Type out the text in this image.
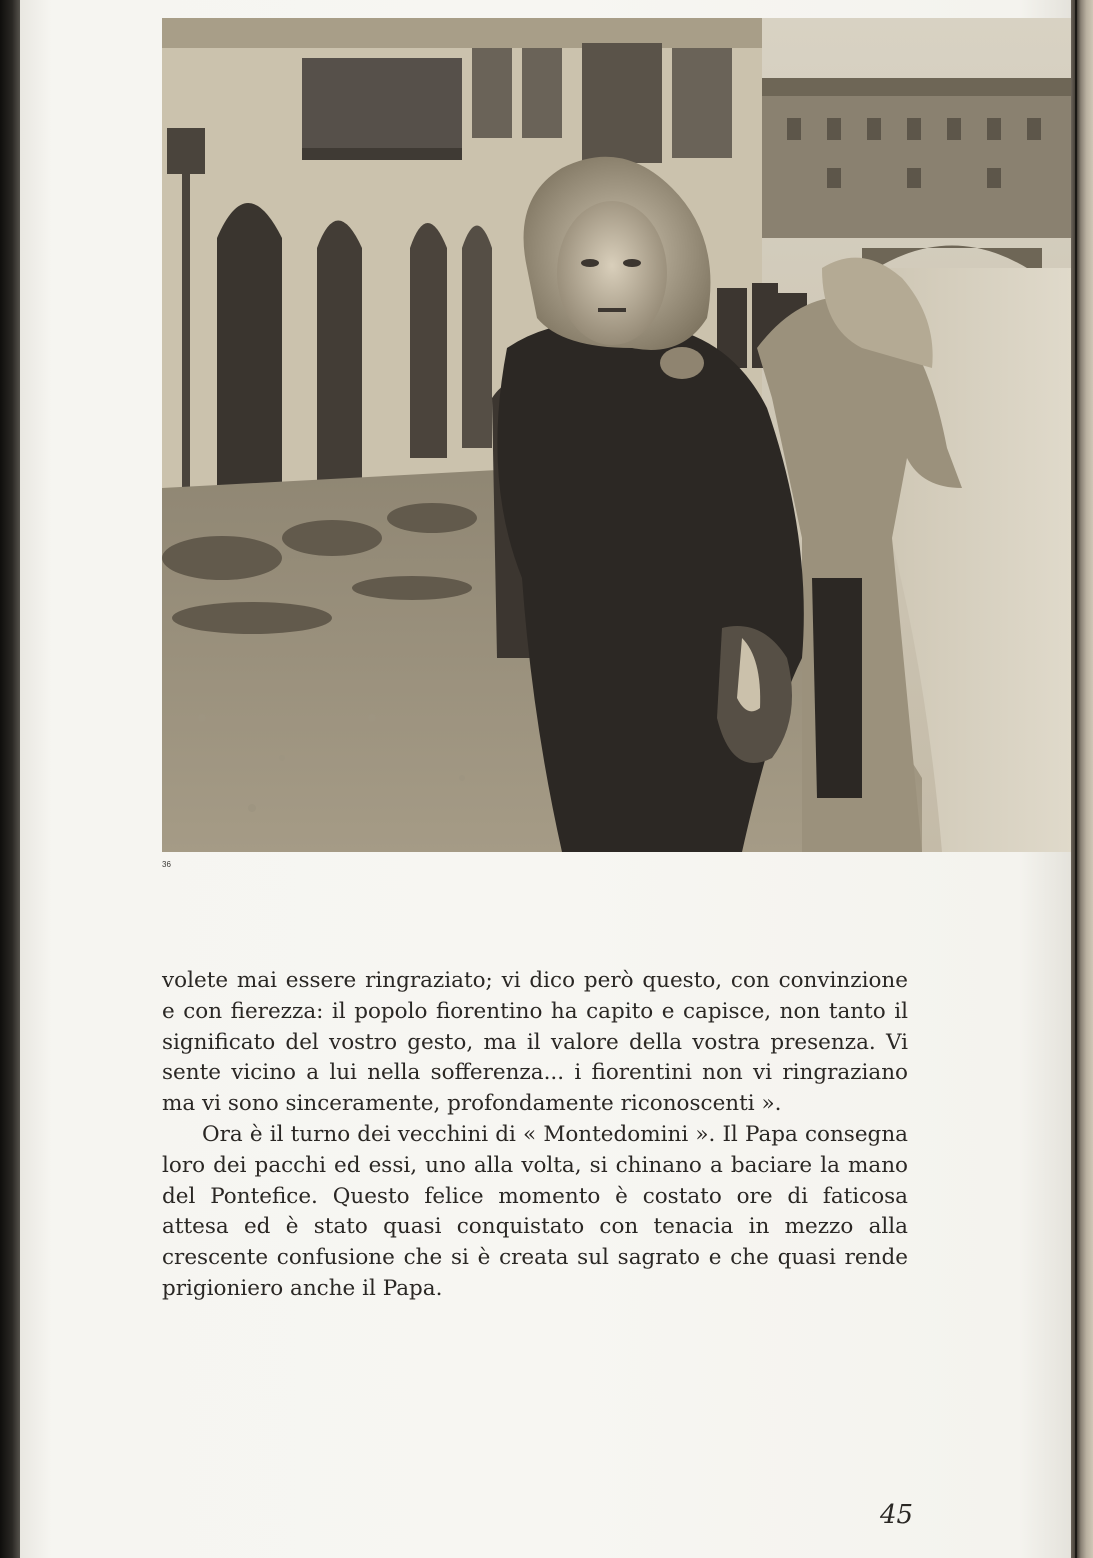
36

volete mai essere ringraziato; vi dico però questo, con convinzione e con fierezza: il popolo fiorentino ha capito e capisce, non tanto il significato del vostro gesto, ma il valore della vostra presenza. Vi sente vicino a lui nella sofferenza... i fiorentini non vi ringraziano ma vi sono sinceramente, profondamente riconoscenti ».

Ora è il turno dei vecchini di « Montedomini ». Il Papa consegna loro dei pacchi ed essi, uno alla volta, si chinano a baciare la mano del Pontefice. Questo felice momento è costato ore di faticosa attesa ed è stato quasi conquistato con tenacia in mezzo alla crescente confusione che si è creata sul sagrato e che quasi rende prigioniero anche il Papa.

45
